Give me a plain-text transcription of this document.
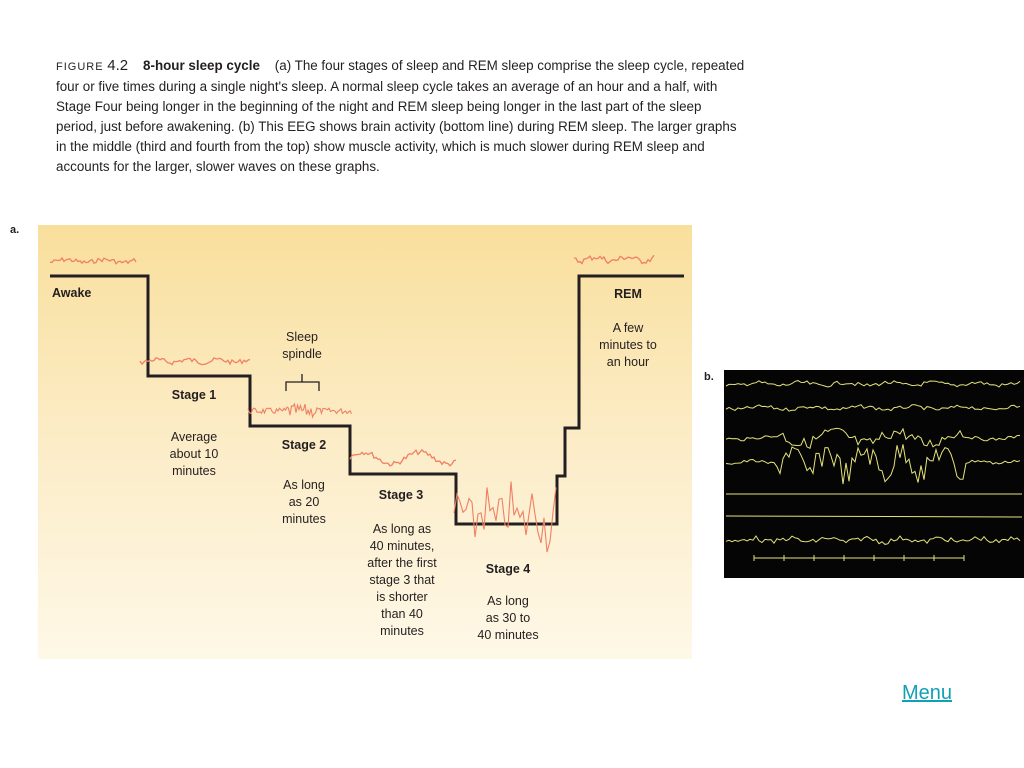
FIGURE 4.2 8-hour sleep cycle (a) The four stages of sleep and REM sleep comprise the sleep cycle, repeated four or five times during a single night's sleep. A normal sleep cycle takes an average of an hour and a half, with Stage Four being longer in the beginning of the night and REM sleep being longer in the last part of the sleep period, just before awakening. (b) This EEG shows brain activity (bottom line) during REM sleep. The larger graphs in the middle (third and fourth from the top) show muscle activity, which is much slower during REM sleep and accounts for the larger, slower waves on these graphs.
a.
Awake	REM
A few
minutes to
an hour
Sleep
spindle
Stage 1
Average
about 10
minutes
Stage 2
As long
as 20
minutes
Stage 3
As long as
40 minutes,
after the first
stage 3 that
is shorter
than 40
minutes
Stage 4
As long
as 30 to
40 minutes
b.
Menu
